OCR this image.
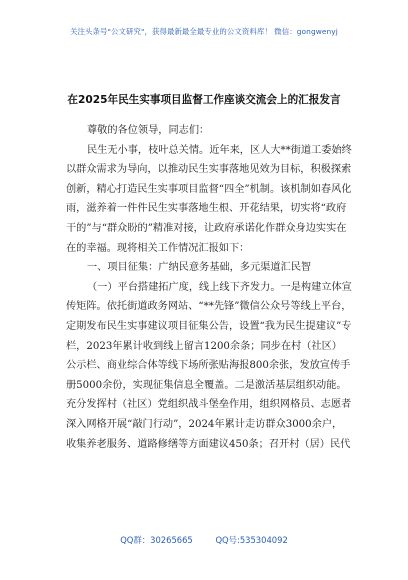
关注头条号"公文研究"，获得最新最全最专业的公文资料库！ 微信：gongwenyj
在2025年民生实事项目监督工作座谈交流会上的汇报发言

尊敬的各位领导，同志们：

民生无小事，枝叶总关情。近年来，区人大**街道工委始终以群众需求为导向，以推动民生实事落地见效为目标，积极探索创新，精心打造民生实事项目监督“四全”机制。该机制如春风化雨，滋养着一件件民生实事落地生根、开花结果，切实将“政府干的”与“群众盼的”精准对接，让政府承诺化作群众身边实实在在的幸福。现将相关工作情况汇报如下：

一、项目征集：广纳民意务基础，多元渠道汇民智

（一）平台搭建拓广度，线上线下齐发力。一是构建立体宣传矩阵。依托街道政务网站、“**先锋”微信公众号等线上平台，定期发布民生实事建议项目征集公告，设置“我为民生提建议”专栏，2023年累计收到线上留言1200余条；同步在村（社区）公示栏、商业综合体等线下场所张贴海报800余张，发放宣传手册5000余份，实现征集信息全覆盖。二是激活基层组织动能。充分发挥村（社区）党组织战斗堡垒作用，组织网格员、志愿者深入网格开展“敲门行动”，2024年累计走访群众3000余户，收集养老服务、道路修缮等方面建议450条；召开村（居）民代

QQ群：30265665	QQ号:535304092
